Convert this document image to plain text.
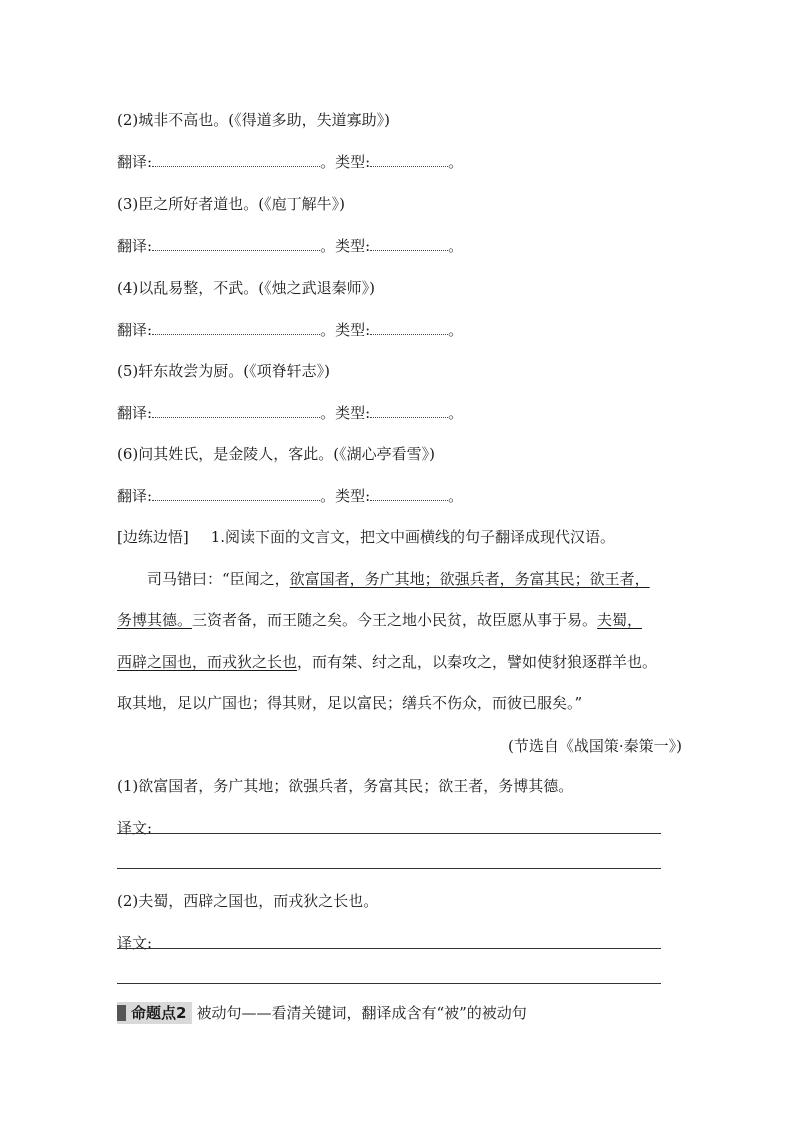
(2)城非不高也。(《得道多助，失道寡助》)
翻译:	。类型:	。
(3)臣之所好者道也。(《庖丁解牛》)
翻译:	。类型:	。
(4)以乱易整，不武。(《烛之武退秦师》)
翻译:	。类型:	。
(5)轩东故尝为厨。(《项脊轩志》)
翻译:	。类型:	。
(6)问其姓氏，是金陵人，客此。(《湖心亭看雪》)
翻译:	。类型:	。
[边练边悟] 1.阅读下面的文言文，把文中画横线的句子翻译成现代汉语。
司马错曰：“臣闻之，欲富国者，务广其地；欲强兵者，务富其民；欲王者，
务博其德。三资者备，而王随之矣。今王之地小民贫，故臣愿从事于易。夫蜀，
西辟之国也，而戎狄之长也，而有桀、纣之乱，以秦攻之，譬如使豺狼逐群羊也。
取其地，足以广国也；得其财，足以富民；缮兵不伤众，而彼已服矣。”
(节选自《战国策·秦策一》)
(1)欲富国者，务广其地；欲强兵者，务富其民；欲王者，务博其德。
译文:
(2)夫蜀，西辟之国也，而戎狄之长也。
译文:
命题点2 被动句——看清关键词，翻译成含有“被”的被动句
